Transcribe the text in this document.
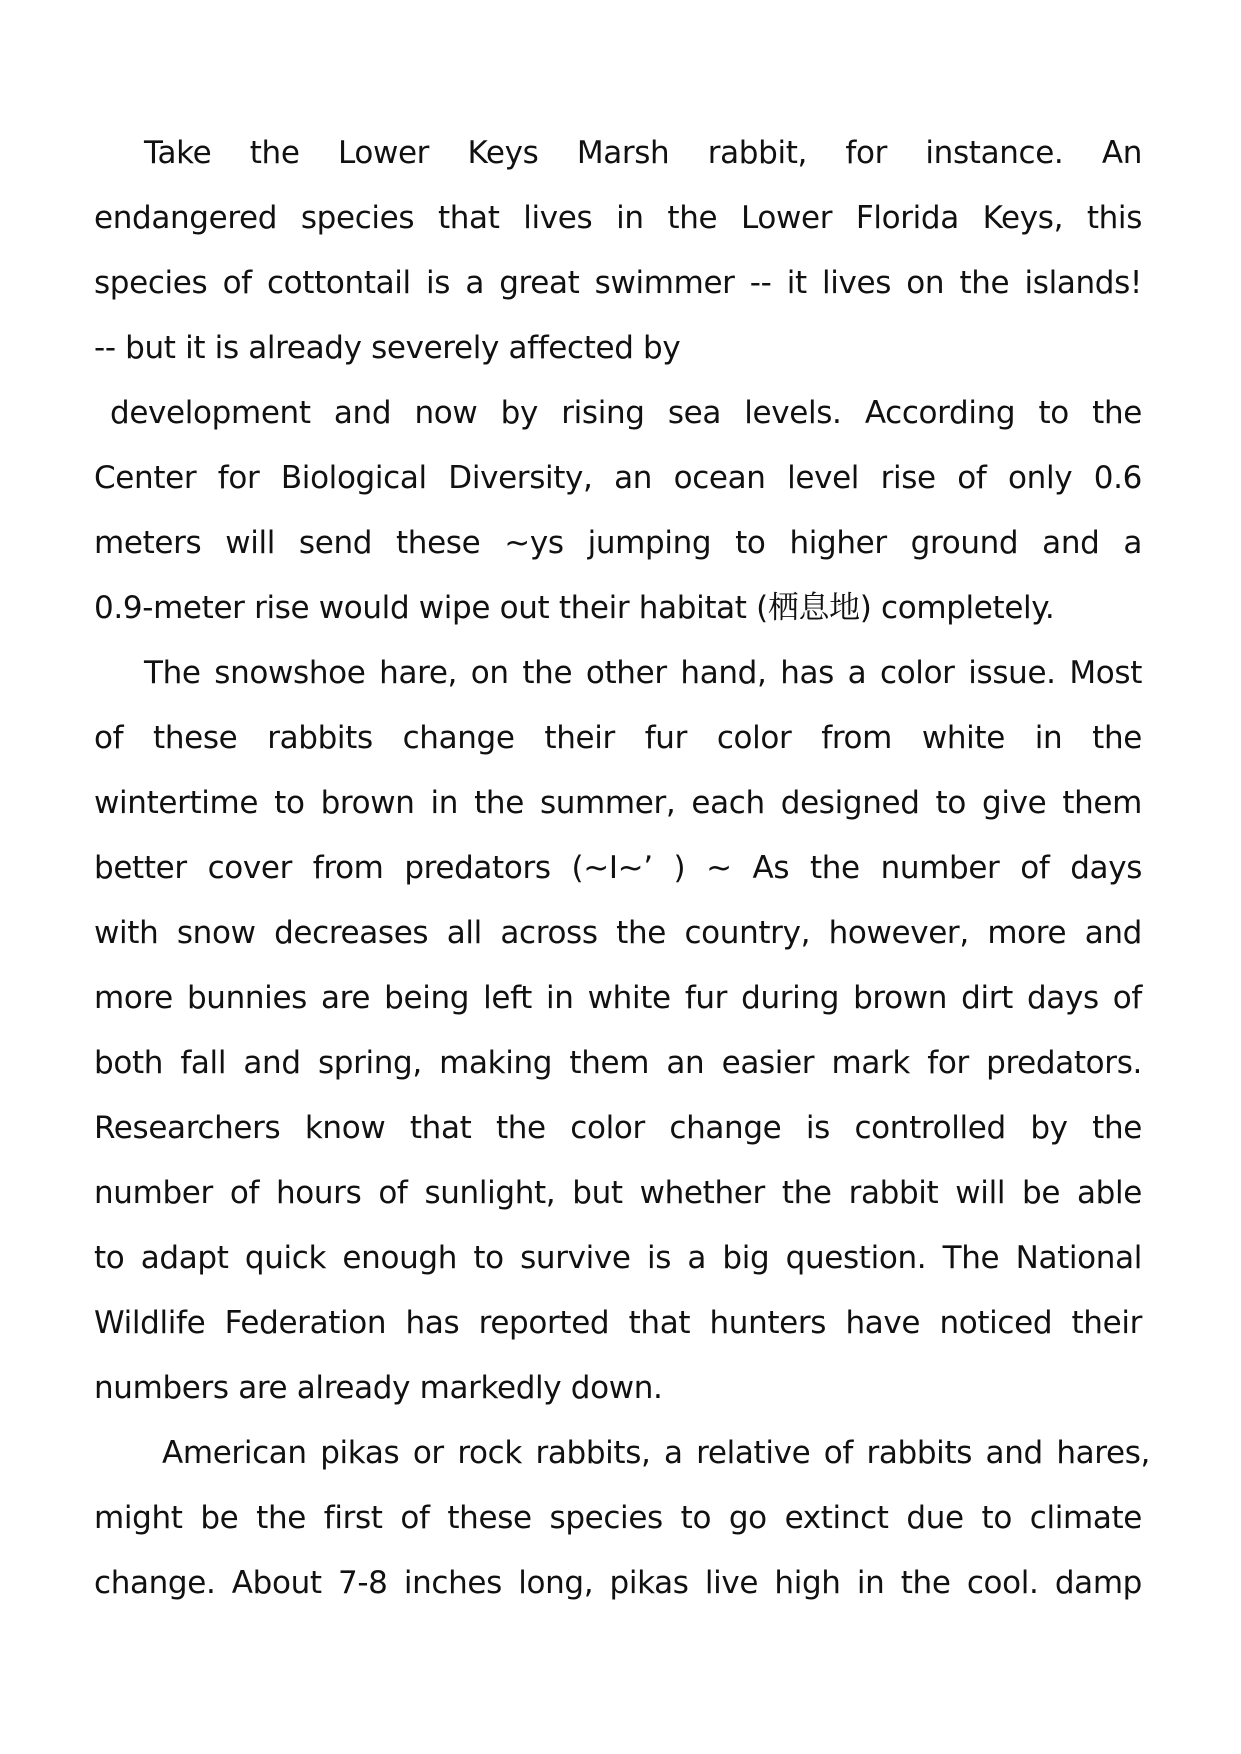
Take the Lower Keys Marsh rabbit, for instance. An
endangered species that lives in the Lower Florida Keys, this
species of cottontail is a great swimmer -- it lives on the islands!
-- but it is already severely affected by
development and now by rising sea levels. According to the
Center for Biological Diversity, an ocean level rise of only 0.6
meters will send these ~ys jumping to higher ground and a
0.9-meter rise would wipe out their habitat (栖息地) completely.
The snowshoe hare, on the other hand, has a color issue. Most
of these rabbits change their fur color from white in the
wintertime to brown in the summer, each designed to give them
better cover from predators (~I~’ ) ~ As the number of days
with snow decreases all across the country, however, more and
more bunnies are being left in white fur during brown dirt days of
both fall and spring, making them an easier mark for predators.
Researchers know that the color change is controlled by the
number of hours of sunlight, but whether the rabbit will be able
to adapt quick enough to survive is a big question. The National
Wildlife Federation has reported that hunters have noticed their
numbers are already markedly down.
American pikas or rock rabbits, a relative of rabbits and hares,
might be the first of these species to go extinct due to climate
change. About 7-8 inches long, pikas live high in the cool. damp
